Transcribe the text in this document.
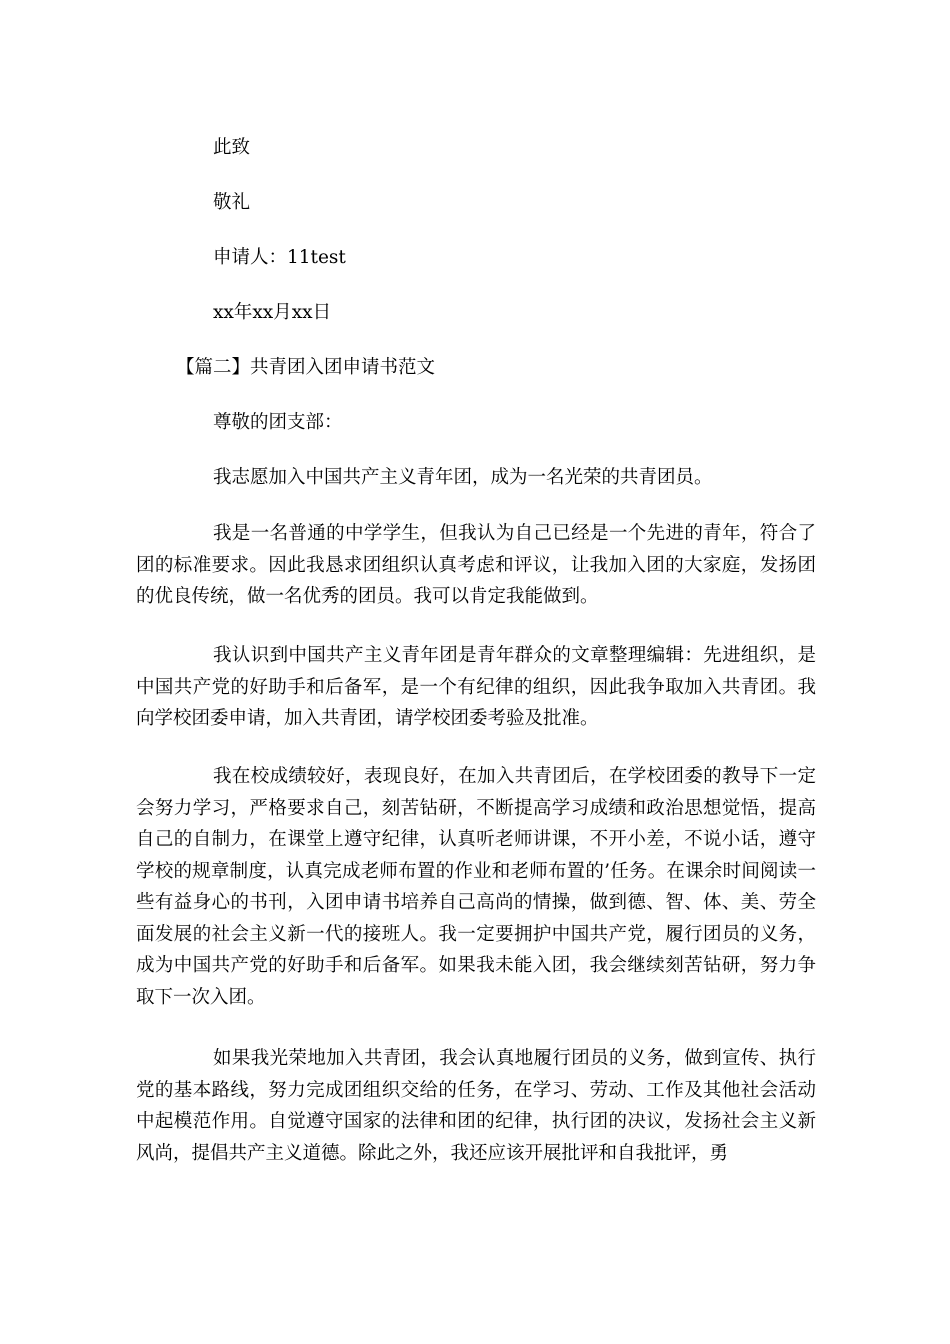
此致
敬礼
申请人：11test
xx年xx月xx日
【篇二】共青团入团申请书范文
尊敬的团支部：
我志愿加入中国共产主义青年团，成为一名光荣的共青团员。

我是一名普通的中学学生，但我认为自己已经是一个先进的青年，符合了团的标准要求。因此我恳求团组织认真考虑和评议，让我加入团的大家庭，发扬团的优良传统，做一名优秀的团员。我可以肯定我能做到。

我认识到中国共产主义青年团是青年群众的文章整理编辑：先进组织，是中国共产党的好助手和后备军，是一个有纪律的组织，因此我争取加入共青团。我向学校团委申请，加入共青团，请学校团委考验及批准。

我在校成绩较好，表现良好，在加入共青团后，在学校团委的教导下一定会努力学习，严格要求自己，刻苦钻研，不断提高学习成绩和政治思想觉悟，提高自己的自制力，在课堂上遵守纪律，认真听老师讲课，不开小差，不说小话，遵守学校的规章制度，认真完成老师布置的作业和老师布置的’任务。在课余时间阅读一些有益身心的书刊，入团申请书培养自己高尚的情操，做到德、智、体、美、劳全面发展的社会主义新一代的接班人。我一定要拥护中国共产党，履行团员的义务，成为中国共产党的好助手和后备军。如果我未能入团，我会继续刻苦钻研，努力争取下一次入团。

如果我光荣地加入共青团，我会认真地履行团员的义务，做到宣传、执行党的基本路线，努力完成团组织交给的任务，在学习、劳动、工作及其他社会活动中起模范作用。自觉遵守国家的法律和团的纪律，执行团的决议，发扬社会主义新风尚，提倡共产主义道德。除此之外，我还应该开展批评和自我批评，勇
